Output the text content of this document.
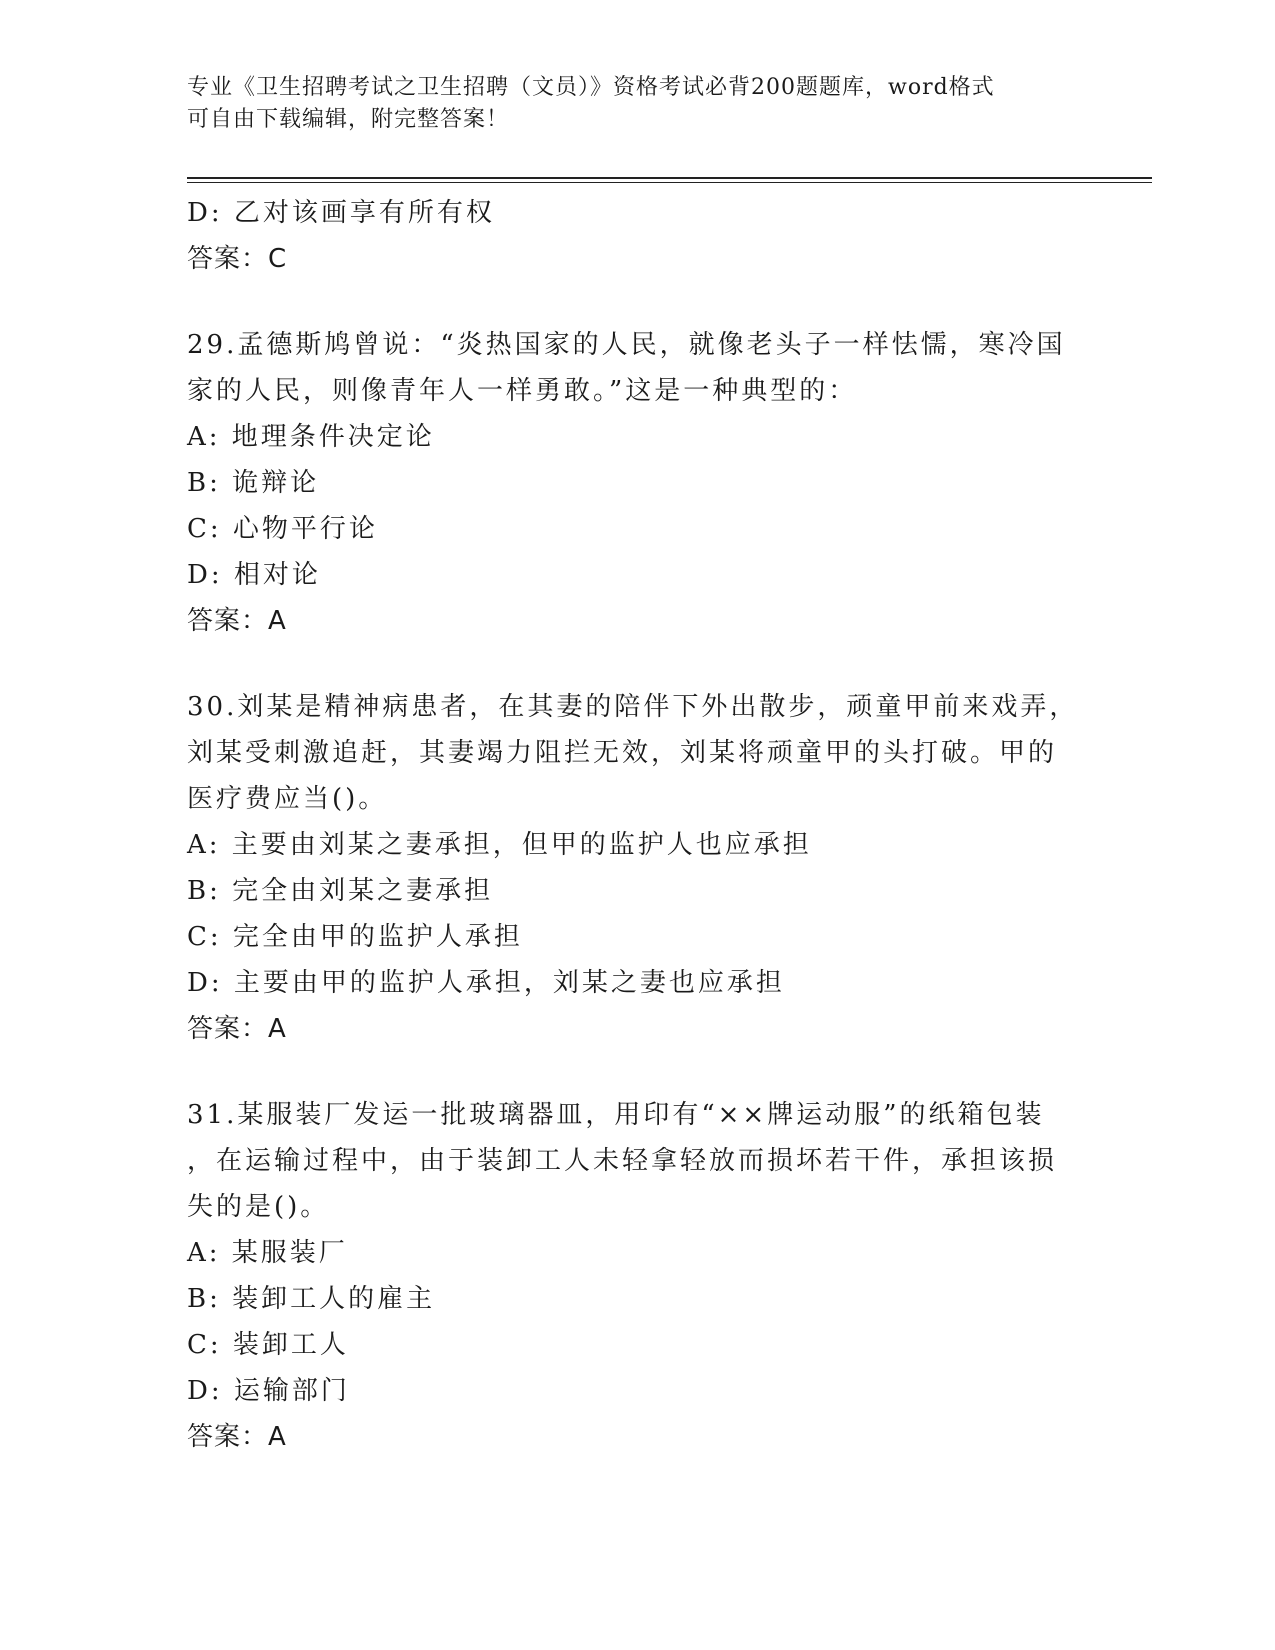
专业《卫生招聘考试之卫生招聘（文员）》资格考试必背200题题库，word格式
可自由下载编辑，附完整答案！
D: 乙对该画享有所有权
答案：C
29.孟德斯鸠曾说：“炎热国家的人民，就像老头子一样怯懦，寒冷国
家的人民，则像青年人一样勇敢。”这是一种典型的：
A: 地理条件决定论
B: 诡辩论
C: 心物平行论
D: 相对论
答案：A
30.刘某是精神病患者，在其妻的陪伴下外出散步，顽童甲前来戏弄，
刘某受刺激追赶，其妻竭力阻拦无效，刘某将顽童甲的头打破。甲的
医疗费应当()。
A: 主要由刘某之妻承担，但甲的监护人也应承担
B: 完全由刘某之妻承担
C: 完全由甲的监护人承担
D: 主要由甲的监护人承担，刘某之妻也应承担
答案：A
31.某服装厂发运一批玻璃器皿，用印有“××牌运动服”的纸箱包装
，在运输过程中，由于装卸工人未轻拿轻放而损坏若干件，承担该损
失的是()。
A: 某服装厂
B: 装卸工人的雇主
C: 装卸工人
D: 运输部门
答案：A
